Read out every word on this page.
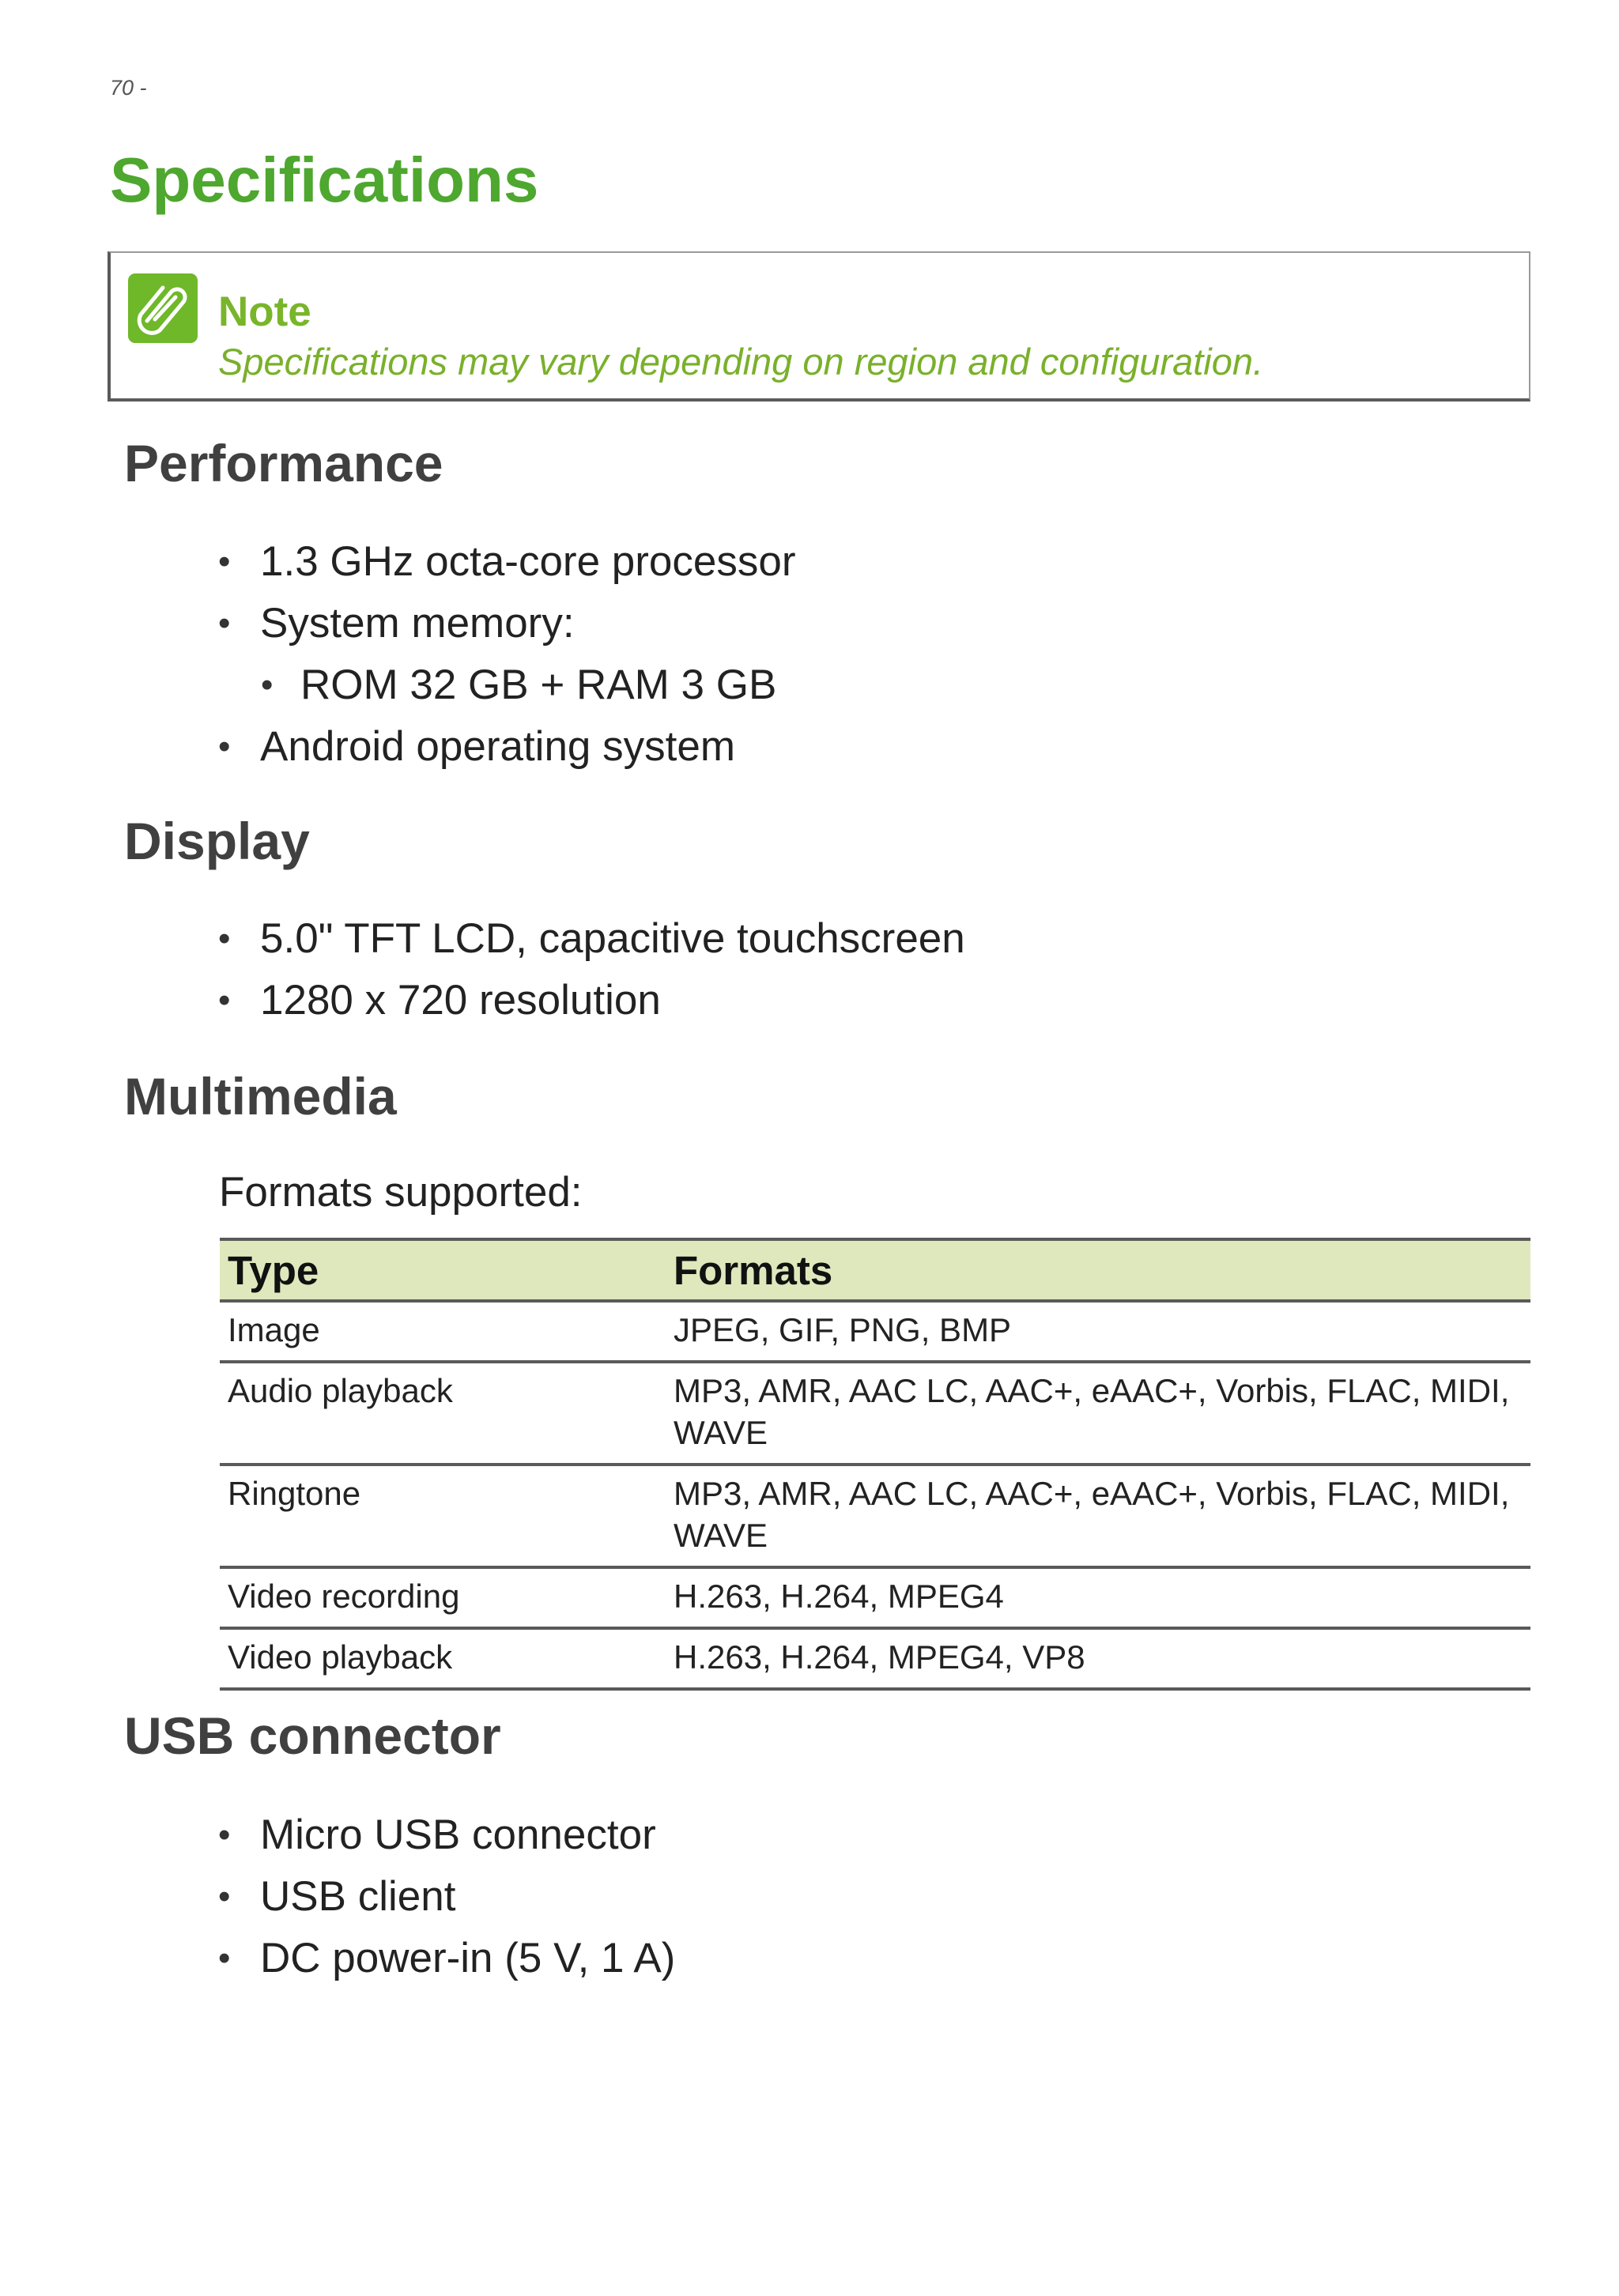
70 -
Specifications
Note
Specifications may vary depending on region and configuration.
Performance
• 1.3 GHz octa-core processor
• System memory:
• ROM 32 GB + RAM 3 GB
• Android operating system
Display
• 5.0" TFT LCD, capacitive touchscreen
• 1280 x 720 resolution
Multimedia
Formats supported:
Type	Formats
Image	JPEG, GIF, PNG, BMP
Audio playback	MP3, AMR, AAC LC, AAC+, eAAC+, Vorbis, FLAC, MIDI, WAVE
Ringtone	MP3, AMR, AAC LC, AAC+, eAAC+, Vorbis, FLAC, MIDI, WAVE
Video recording	H.263, H.264, MPEG4
Video playback	H.263, H.264, MPEG4, VP8
USB connector
• Micro USB connector
• USB client
• DC power-in (5 V, 1 A)
